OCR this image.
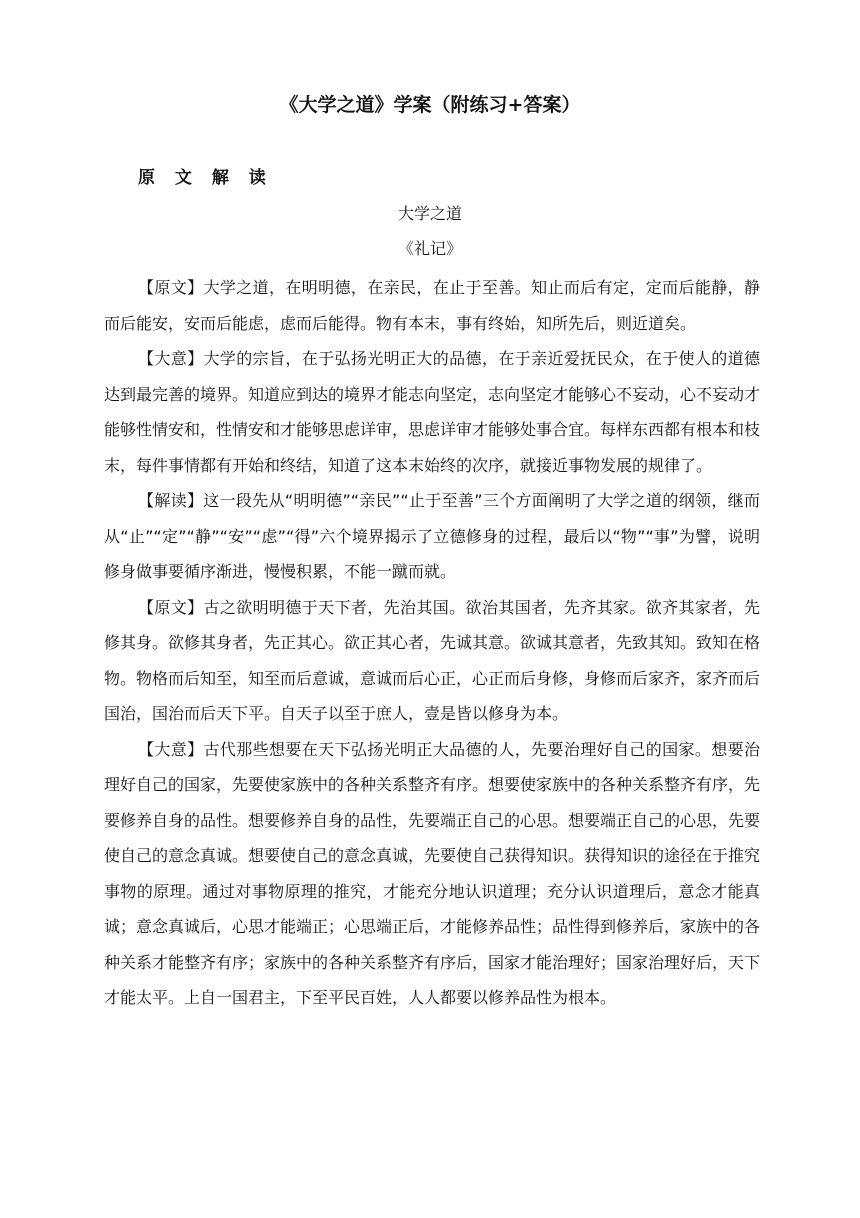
《大学之道》学案（附练习+答案）
原 文 解 读
大学之道
《礼记》

【原文】大学之道，在明明德，在亲民，在止于至善。知止而后有定，定而后能静，静而后能安，安而后能虑，虑而后能得。物有本末，事有终始，知所先后，则近道矣。

【大意】大学的宗旨，在于弘扬光明正大的品德，在于亲近爱抚民众，在于使人的道德达到最完善的境界。知道应到达的境界才能志向坚定，志向坚定才能够心不妄动，心不妄动才能够性情安和，性情安和才能够思虑详审，思虑详审才能够处事合宜。每样东西都有根本和枝末，每件事情都有开始和终结，知道了这本末始终的次序，就接近事物发展的规律了。

【解读】这一段先从“明明德”“亲民”“止于至善”三个方面阐明了大学之道的纲领，继而从“止”“定”“静”“安”“虑”“得”六个境界揭示了立德修身的过程，最后以“物”“事”为譬，说明修身做事要循序渐进，慢慢积累，不能一蹴而就。

【原文】古之欲明明德于天下者，先治其国。欲治其国者，先齐其家。欲齐其家者，先修其身。欲修其身者，先正其心。欲正其心者，先诚其意。欲诚其意者，先致其知。致知在格物。物格而后知至，知至而后意诚，意诚而后心正，心正而后身修，身修而后家齐，家齐而后国治，国治而后天下平。自天子以至于庶人，壹是皆以修身为本。

【大意】古代那些想要在天下弘扬光明正大品德的人，先要治理好自己的国家。想要治理好自己的国家，先要使家族中的各种关系整齐有序。想要使家族中的各种关系整齐有序，先要修养自身的品性。想要修养自身的品性，先要端正自己的心思。想要端正自己的心思，先要使自己的意念真诚。想要使自己的意念真诚，先要使自己获得知识。获得知识的途径在于推究事物的原理。通过对事物原理的推究，才能充分地认识道理；充分认识道理后，意念才能真诚；意念真诚后，心思才能端正；心思端正后，才能修养品性；品性得到修养后，家族中的各种关系才能整齐有序；家族中的各种关系整齐有序后，国家才能治理好；国家治理好后，天下才能太平。上自一国君主，下至平民百姓，人人都要以修养品性为根本。
